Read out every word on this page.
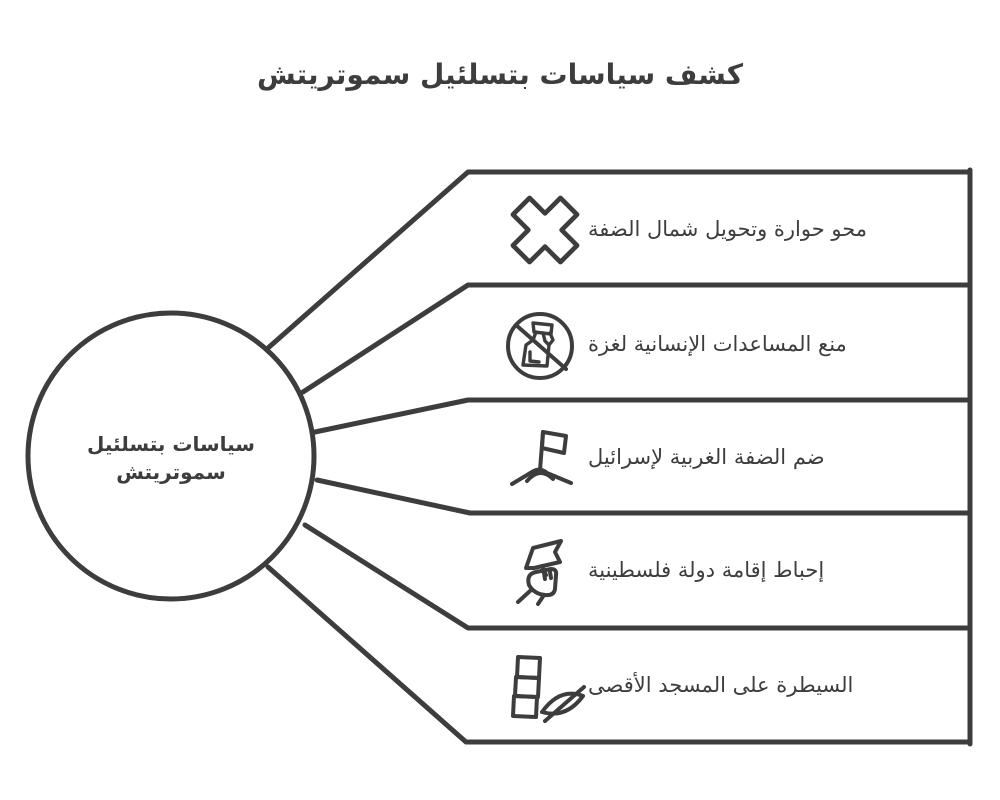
كشف سياسات بتسلئيل سموتريتش
سياسات بتسلئيل
سموتريتش
محو حوارة وتحويل شمال الضفة
منع المساعدات الإنسانية لغزة
ضم الضفة الغربية لإسرائيل
إحباط إقامة دولة فلسطينية
السيطرة على المسجد الأقصى
